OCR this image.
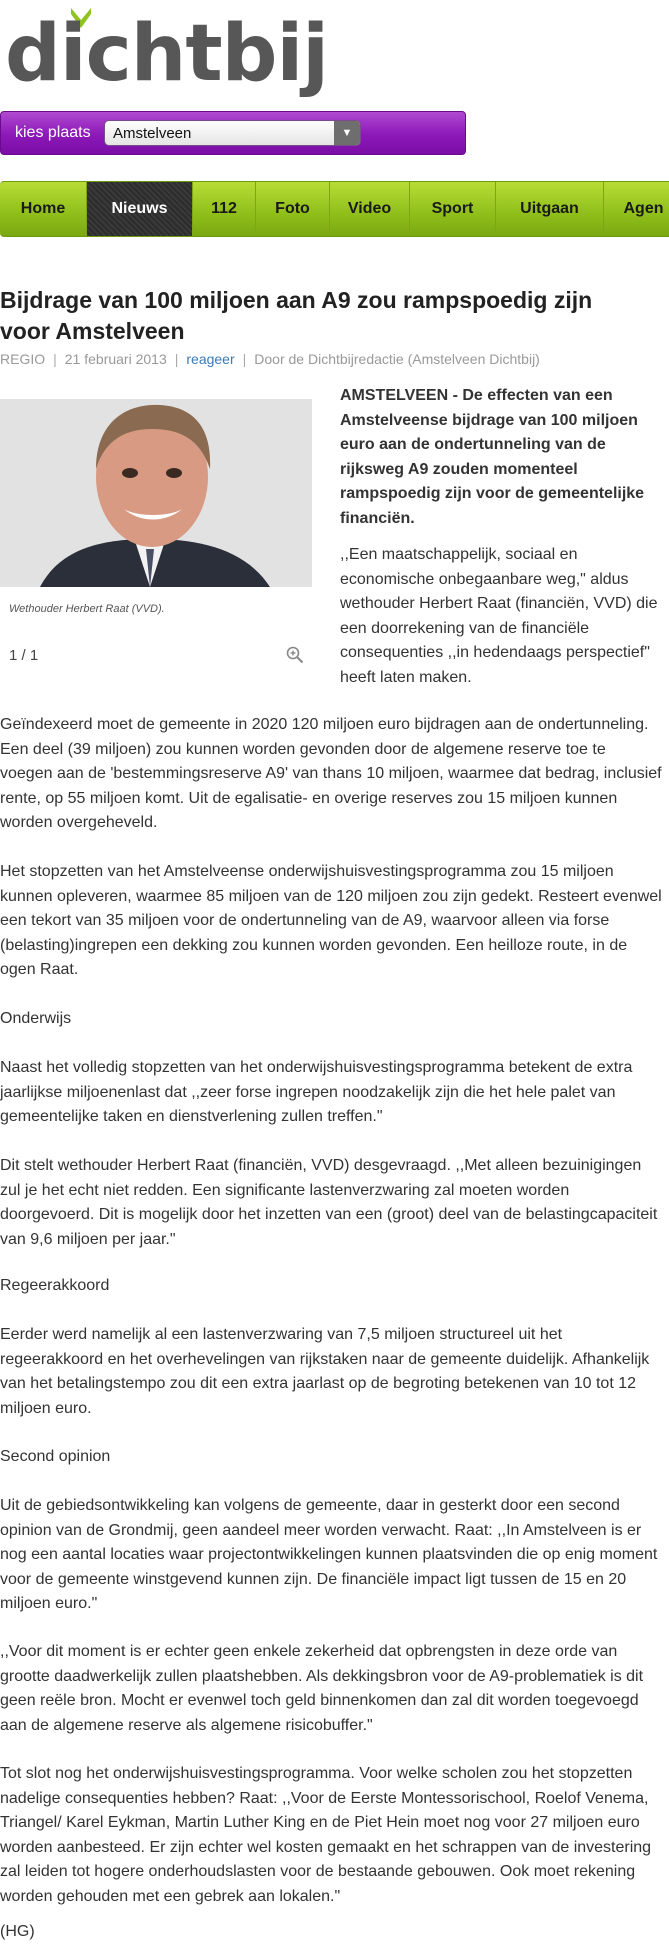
dichtbij
kies plaats Amstelveen	▼
Home	Nieuws	112	Foto	Video	Sport	Uitgaan	Agen
Bijdrage van 100 miljoen aan A9 zou rampspoedig zijn voor Amstelveen
REGIO | 21 februari 2013 | reageer | Door de Dichtbijredactie (Amstelveen Dichtbij)
Wethouder Herbert Raat (VVD).
1 / 1

AMSTELVEEN - De effecten van een Amstelveense bijdrage van 100 miljoen euro aan de ondertunneling van de rijksweg A9 zouden momenteel rampspoedig zijn voor de gemeentelijke financiën.

,,Een maatschappelijk, sociaal en economische onbegaanbare weg," aldus wethouder Herbert Raat (financiën, VVD) die een doorrekening van de financiële consequenties ,,in hedendaags perspectief" heeft laten maken.

Geïndexeerd moet de gemeente in 2020 120 miljoen euro bijdragen aan de ondertunneling. Een deel (39 miljoen) zou kunnen worden gevonden door de algemene reserve toe te voegen aan de 'bestemmingsreserve A9' van thans 10 miljoen, waarmee dat bedrag, inclusief rente, op 55 miljoen komt. Uit de egalisatie- en overige reserves zou 15 miljoen kunnen worden overgeheveld.

Het stopzetten van het Amstelveense onderwijshuisvestingsprogramma zou 15 miljoen kunnen opleveren, waarmee 85 miljoen van de 120 miljoen zou zijn gedekt. Resteert evenwel een tekort van 35 miljoen voor de ondertunneling van de A9, waarvoor alleen via forse (belasting)ingrepen een dekking zou kunnen worden gevonden. Een heilloze route, in de ogen Raat.

Onderwijs

Naast het volledig stopzetten van het onderwijshuisvestingsprogramma betekent de extra jaarlijkse miljoenenlast dat ,,zeer forse ingrepen noodzakelijk zijn die het hele palet van gemeentelijke taken en dienstverlening zullen treffen."

Dit stelt wethouder Herbert Raat (financiën, VVD) desgevraagd. ,,Met alleen bezuinigingen zul je het echt niet redden. Een significante lastenverzwaring zal moeten worden doorgevoerd. Dit is mogelijk door het inzetten van een (groot) deel van de belastingcapaciteit van 9,6 miljoen per jaar."

Regeerakkoord

Eerder werd namelijk al een lastenverzwaring van 7,5 miljoen structureel uit het regeerakkoord en het overhevelingen van rijkstaken naar de gemeente duidelijk. Afhankelijk van het betalingstempo zou dit een extra jaarlast op de begroting betekenen van 10 tot 12 miljoen euro.

Second opinion

Uit de gebiedsontwikkeling kan volgens de gemeente, daar in gesterkt door een second opinion van de Grondmij, geen aandeel meer worden verwacht. Raat: ,,In Amstelveen is er nog een aantal locaties waar projectontwikkelingen kunnen plaatsvinden die op enig moment voor de gemeente winstgevend kunnen zijn. De financiële impact ligt tussen de 15 en 20 miljoen euro."

,,Voor dit moment is er echter geen enkele zekerheid dat opbrengsten in deze orde van grootte daadwerkelijk zullen plaatshebben. Als dekkingsbron voor de A9-problematiek is dit geen reële bron. Mocht er evenwel toch geld binnenkomen dan zal dit worden toegevoegd aan de algemene reserve als algemene risicobuffer."

Tot slot nog het onderwijshuisvestingsprogramma. Voor welke scholen zou het stopzetten nadelige consequenties hebben? Raat: ,,Voor de Eerste Montessorischool, Roelof Venema, Triangel/ Karel Eykman, Martin Luther King en de Piet Hein moet nog voor 27 miljoen euro worden aanbesteed. Er zijn echter wel kosten gemaakt en het schrappen van de investering zal leiden tot hogere onderhoudslasten voor de bestaande gebouwen. Ook moet rekening worden gehouden met een gebrek aan lokalen."

(HG)
